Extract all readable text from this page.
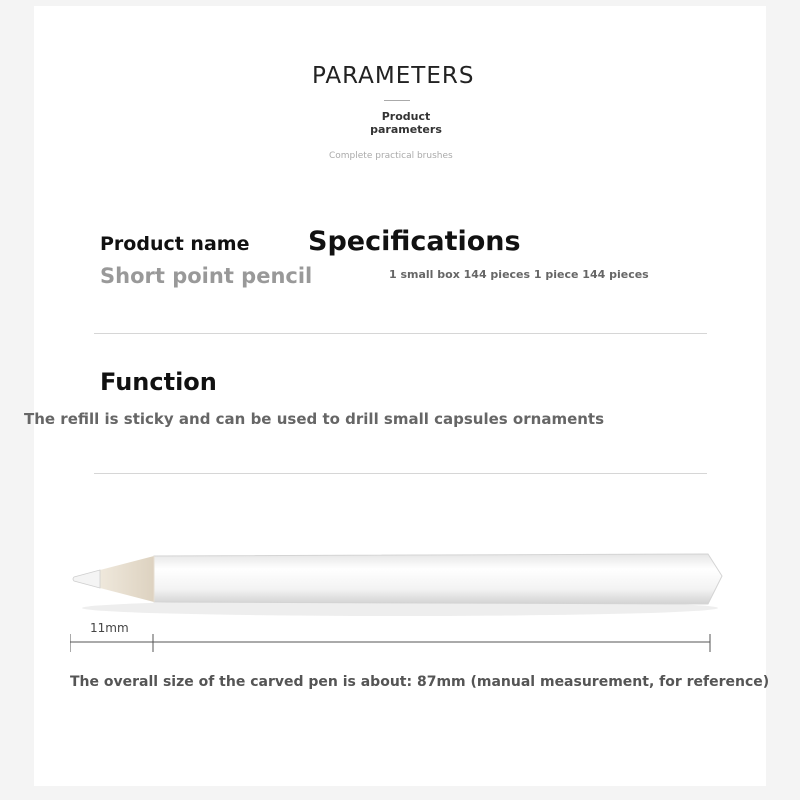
PARAMETERS
Product parameters
Complete practical brushes
Product name
Short point pencil
Specifications
1 small box 144 pieces 1 piece 144 pieces
Function
The refill is sticky and can be used to drill small capsules ornaments
11mm
The overall size of the carved pen is about: 87mm (manual measurement, for reference)
